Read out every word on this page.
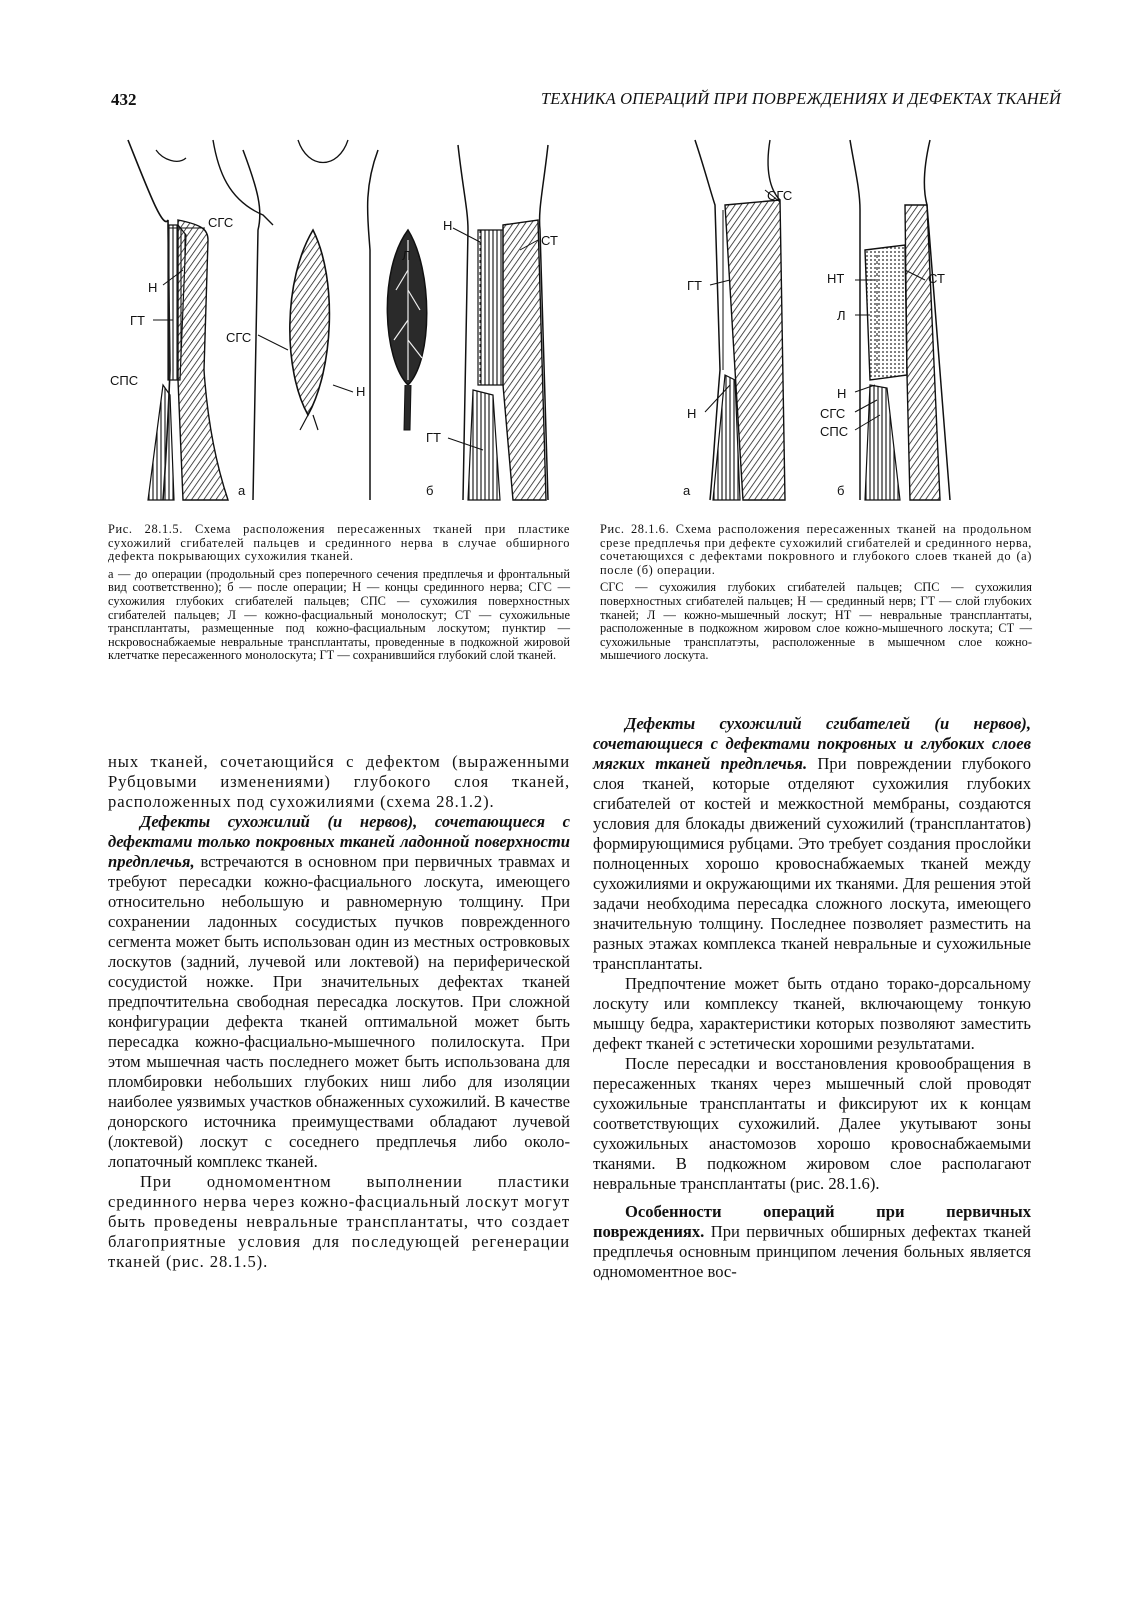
432	ТЕХНИКА ОПЕРАЦИЙ ПРИ ПОВРЕЖДЕНИЯХ И ДЕФЕКТАХ ТКАНЕЙ
СГС
Н
ГТ
СГС
СПС
Н
Л
Н
СТ
ГТ
а	б
СГС
ГТ	НТ	СТ
Л
Н
Н	СГС
СПС
а	б

Рис. 28.1.5. Схема расположения пересаженных тканей при пластике сухожилий сгибателей пальцев и срединного нерва в случае обширного дефекта покрывающих сухожилия тканей.

а — до операции (продольный срез поперечного сечения предплечья и фронтальный вид соответственно); б — после операции; Н — концы срединного нерва; СГС — сухожилия глубоких сгибателей пальцев; СПС — сухожилия поверхностных сгибателей пальцев; Л — кожно-фасциальный монолоскут; СТ — сухожильные трансплантаты, размещенные под кожно-фасциальным лоскутом; пунктир — нскровоснабжаемые невральные трансплантаты, проведенные в подкожной жировой клетчатке пересаженного монолоскута; ГТ — сохранившийся глубокий слой тканей.

Рис. 28.1.6. Схема расположения пересаженных тканей на продольном срезе предплечья при дефекте сухожилий сгибателей и срединного нерва, сочетающихся с дефектами покровного и глубокого слоев тканей до (а) после (б) операции.

СГС — сухожилия глубоких сгибателей пальцев; СПС — сухожилия поверхностных сгибателей пальцев; Н — срединный нерв; ГТ — слой глубоких тканей; Л — кожно-мышечный лоскут; НТ — невральные трансплантаты, расположенные в подкожном жировом слое кожно-мышечного лоскута; СТ — сухожильные трансплатэты, расположенные в мышечном слое кожно-мышечиого лоскута.

ных тканей, сочетающийся с дефектом (выраженными Рубцовыми изменениями) глубокого слоя тканей, расположенных под сухожилиями (схема 28.1.2).

Дефекты сухожилий (и нервов), сочетающиеся с дефектами только покровных тканей ладонной поверхности предплечья, встречаются в основном при первичных травмах и требуют пересадки кожно-фасциального лоскута, имеющего относительно небольшую и равномерную толщину. При сохранении ладонных сосудистых пучков поврежденного сегмента может быть использован один из местных островковых лоскутов (задний, лучевой или локтевой) на периферической сосудистой ножке. При значительных дефектах тканей предпочтительна свободная пересадка лоскутов. При сложной конфигурации дефекта тканей оптимальной может быть пересадка кожно-фасциально-мышечного полилоскута. При этом мышечная часть последнего может быть использована для пломбировки небольших глубоких ниш либо для изоляции наиболее уязвимых участков обнаженных сухожилий. В качестве донорского источника преимуществами обладают лучевой (локтевой) лоскут с соседнего предплечья либо около-лопаточный комплекс тканей.

При одномоментном выполнении пластики срединного нерва через кожно-фасциальный лоскут могут быть проведены невральные трансплантаты, что создает благоприятные условия для последующей регенерации тканей (рис. 28.1.5).

Дефекты сухожилий сгибателей (и нервов), сочетающиеся с дефектами покровных и глубоких слоев мягких тканей предплечья. При повреждении глубокого слоя тканей, которые отделяют сухожилия глубоких сгибателей от костей и межкостной мембраны, создаются условия для блокады движений сухожилий (трансплантатов) формирующимися рубцами. Это требует создания прослойки полноценных хорошо кровоснабжаемых тканей между сухожилиями и окружающими их тканями. Для решения этой задачи необходима пересадка сложного лоскута, имеющего значительную толщину. Последнее позволяет разместить на разных этажах комплекса тканей невральные и сухожильные трансплантаты.

Предпочтение может быть отдано торако-дорсальному лоскуту или комплексу тканей, включающему тонкую мышцу бедра, характеристики которых позволяют заместить дефект тканей с эстетически хорошими результатами.

После пересадки и восстановления кровообращения в пересаженных тканях через мышечный слой проводят сухожильные трансплантаты и фиксируют их к концам соответствующих сухожилий. Далее укутывают зоны сухожильных анастомозов хорошо кровоснабжаемыми тканями. В подкожном жировом слое располагают невральные трансплантаты (рис. 28.1.6).

Особенности операций при первичных повреждениях. При первичных обширных дефектах тканей предплечья основным принципом лечения больных является одномоментное вос-
